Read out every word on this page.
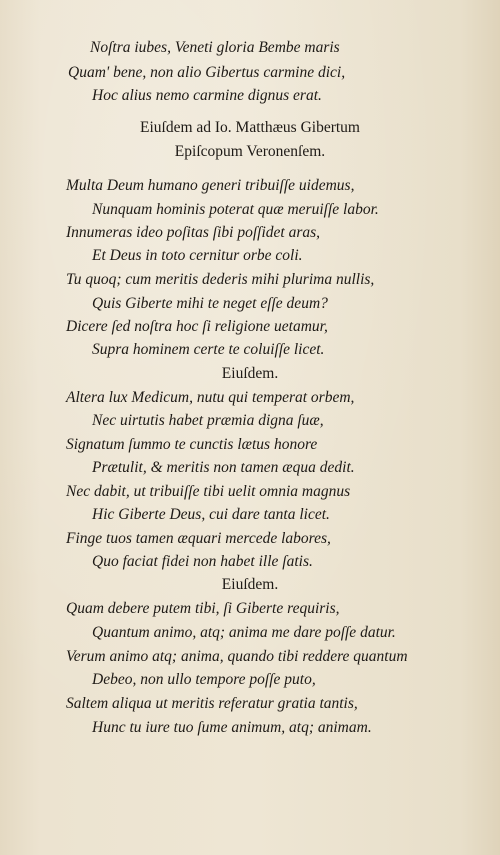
Noſtra iubes, Veneti gloria Bembe maris
Quam' bene, non alio Gibertus carmine dici,
Hoc alius nemo carmine dignus erat.
Eiuſdem ad Io. Matthæus Gibertum
Epiſcopum Veronenſem.
Multa Deum humano generi tribuiſſe uidemus,
Nunquam hominis poterat quæ meruiſſe labor.
Innumeras ideo poſitas ſibi poſſidet aras,
Et Deus in toto cernitur orbe coli.
Tu quoq; cum meritis dederis mihi plurima nullis,
Quis Giberte mihi te neget eſſe deum?
Dicere ſed noſtra hoc ſi religione uetamur,
Supra hominem certe te coluiſſe licet.
Eiuſdem.
Altera lux Medicum, nutu qui temperat orbem,
Nec uirtutis habet præmia digna ſuæ,
Signatum ſummo te cunctis lætus honore
Prætulit, & meritis non tamen æqua dedit.
Nec dabit, ut tribuiſſe tibi uelit omnia magnus
Hic Giberte Deus, cui dare tanta licet.
Finge tuos tamen æquari mercede labores,
Quo faciat fidei non habet ille ſatis.
Eiuſdem.
Quam debere putem tibi, ſi Giberte requiris,
Quantum animo, atq; anima me dare poſſe datur.
Verum animo atq; anima, quando tibi reddere quantum
Debeo, non ullo tempore poſſe puto,
Saltem aliqua ut meritis referatur gratia tantis,
Hunc tu iure tuo ſume animum, atq; animam.
